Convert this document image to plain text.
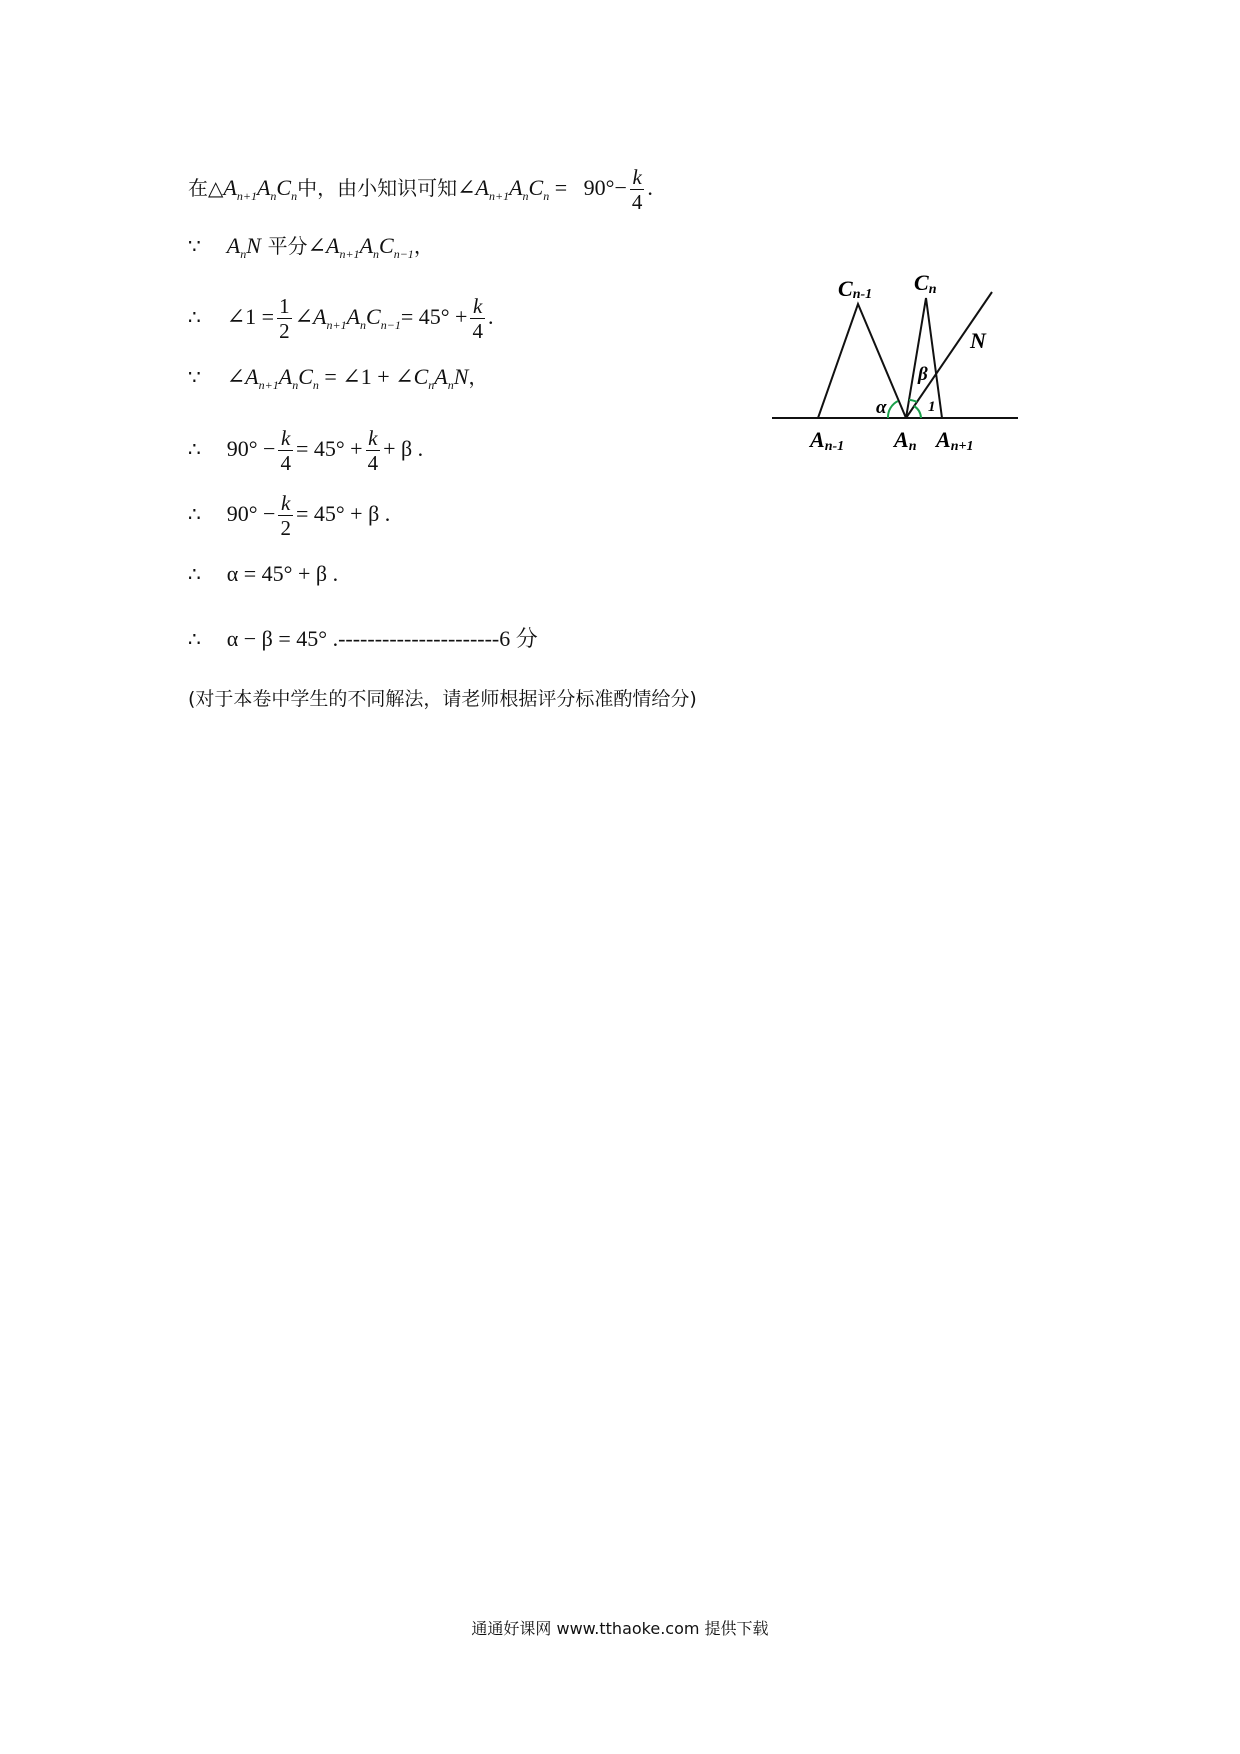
在$\triangle A_{n+1}A_nC_n$中，由小知识可知$\angle A_{n+1}A_nC_n = 90^\circ- \frac{k}{4}$ .
∵ $A_nN$ 平分$\angle A_{n+1}A_nC_{n-1}$，
∴ ∠1 = $\frac{1}{2}$ $\angle A_{n+1}A_nC_{n-1}= 45^\circ + \frac{k}{4}$ .
∵ $\angle A_{n+1}A_nC_n$ = ∠1 + $\angle C_nA_nN$，
∴ $90^\circ - \frac{k}{4} = 45^\circ + \frac{k}{4} + \beta$ .
∴ $90^\circ - \frac{k}{2} = 45^\circ + \beta$ .
∴ α = 45° + β .
∴ α − β = 45° .----------------------6 分
(对于本卷中学生的不同解法，请老师根据评分标准酌情给分)
Cn-1 Cn
N
α
β
1
An-1 An An+1
通通好课网 www.tthaoke.com 提供下载
